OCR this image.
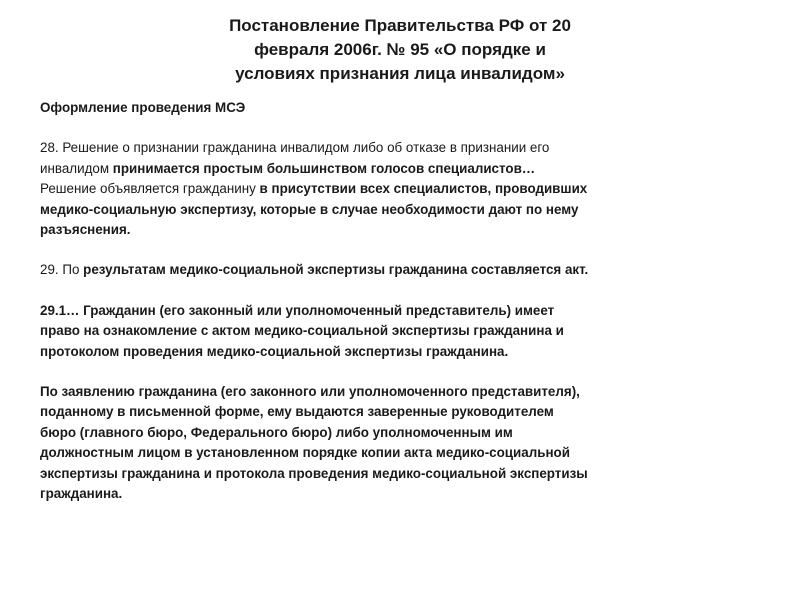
Постановление Правительства РФ от 20
февраля 2006г. № 95 «О порядке и
условиях признания лица инвалидом»

Оформление проведения МСЭ

28. Решение о признании гражданина инвалидом либо об отказе в признании его
инвалидом принимается простым большинством голосов специалистов…
Решение объявляется гражданину в присутствии всех специалистов, проводивших
медико-социальную экспертизу, которые в случае необходимости дают по нему
разъяснения.

29. По результатам медико-социальной экспертизы гражданина составляется акт.

29.1… Гражданин (его законный или уполномоченный представитель) имеет
право на ознакомление с актом медико-социальной экспертизы гражданина и
протоколом проведения медико-социальной экспертизы гражданина.

По заявлению гражданина (его законного или уполномоченного представителя),
поданному в письменной форме, ему выдаются заверенные руководителем
бюро (главного бюро, Федерального бюро) либо уполномоченным им
должностным лицом в установленном порядке копии акта медико-социальной
экспертизы гражданина и протокола проведения медико-социальной экспертизы
гражданина.
